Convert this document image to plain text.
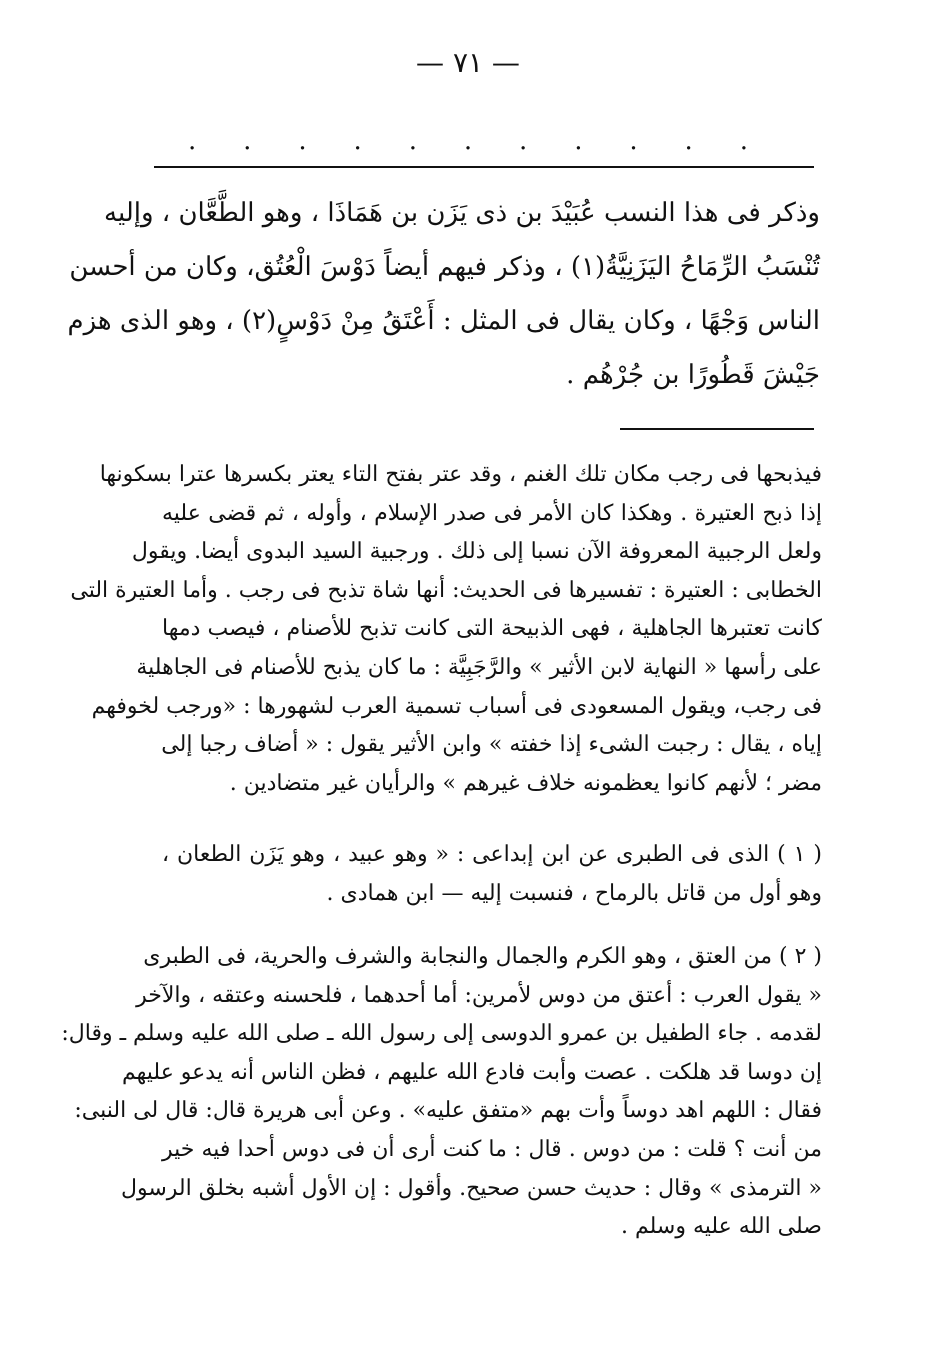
— ٧١ —
. . . . . . . . . . .
وذكر فى هذا النسب عُبَيْدَ بن ذى يَزَن بن هَمَاذَا ، وهو الطَّعَّان ، وإليه
تُنْسَبُ الرِّمَاحُ اليَزَنِيَّةُ(١) ، وذكر فيهم أيضاً دَوْسَ الْعُتُق، وكان من أحسن
الناس وَجْهًا ، وكان يقال فى المثل : أَعْتَقُ مِنْ دَوْسٍ(٢) ، وهو الذى هزم
جَيْشَ قَطُورًا بن جُرْهُم .
فيذبحها فى رجب مكان تلك الغنم ، وقد عتر بفتح التاء يعتر بكسرها عترا بسكونها
إذا ذبح العتيرة . وهكذا كان الأمر فى صدر الإسلام ، وأوله ، ثم قضى عليه
ولعل الرجبية المعروفة الآن نسبا إلى ذلك . ورجبية السيد البدوى أيضا. ويقول
الخطابى : العتيرة : تفسيرها فى الحديث: أنها شاة تذبح فى رجب . وأما العتيرة التى
كانت تعتبرها الجاهلية ، فهى الذبيحة التى كانت تذبح للأصنام ، فيصب دمها
على رأسها « النهاية لابن الأثير » والرَّجَبِيَّة : ما كان يذبح للأصنام فى الجاهلية
فى رجب، ويقول المسعودى فى أسباب تسمية العرب لشهورها : «ورجب لخوفهم
إياه ، يقال : رجبت الشىء إذا خفته » وابن الأثير يقول : « أضاف رجبا إلى
مضر ؛ لأنهم كانوا يعظمونه خلاف غيرهم » والرأيان غير متضادين .
( ١ ) الذى فى الطبرى عن ابن إبداعى : « وهو عبيد ، وهو يَزَن الطعان ،
وهو أول من قاتل بالرماح ، فنسبت إليه — ابن همادى .
( ٢ ) من العتق ، وهو الكرم والجمال والنجابة والشرف والحرية، فى الطبرى
« يقول العرب : أعتق من دوس لأمرين: أما أحدهما ، فلحسنه وعتقه ، والآخر
لقدمه . جاء الطفيل بن عمرو الدوسى إلى رسول الله ـ صلى الله عليه وسلم ـ وقال:
إن دوسا قد هلكت . عصت وأبت فادع الله عليهم ، فظن الناس أنه يدعو عليهم
فقال : اللهم اهد دوساً وأت بهم «متفق عليه» . وعن أبى هريرة قال: قال لى النبى:
من أنت ؟ قلت : من دوس . قال : ما كنت أرى أن فى دوس أحدا فيه خير
« الترمذى » وقال : حديث حسن صحيح. وأقول : إن الأول أشبه بخلق الرسول
صلى الله عليه وسلم .
